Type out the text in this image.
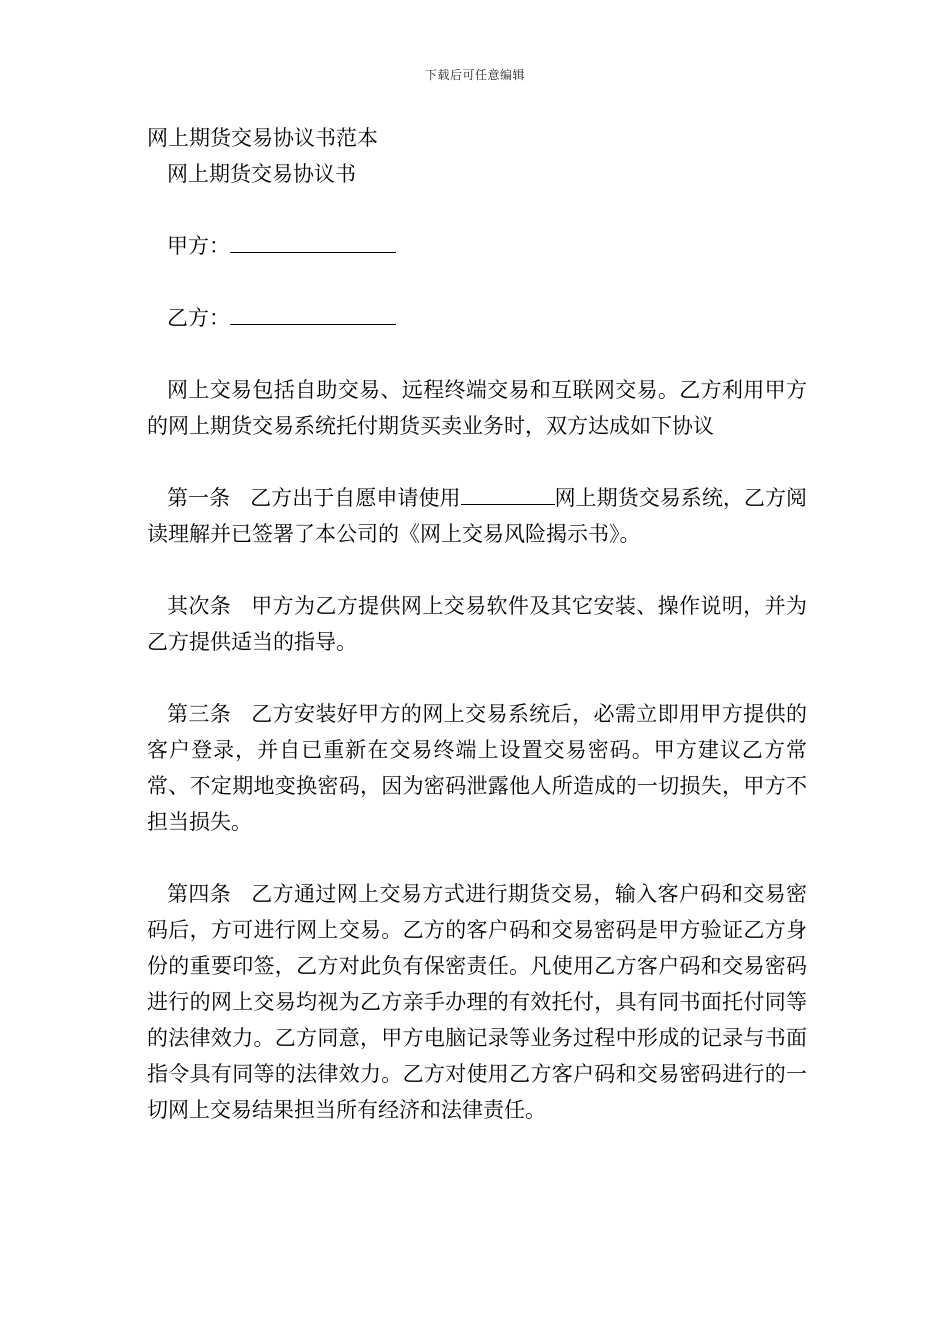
下载后可任意编辑
网上期货交易协议书范本
网上期货交易协议书

甲方：

乙方：

网上交易包括自助交易、远程终端交易和互联网交易。乙方利用甲方的网上期货交易系统托付期货买卖业务时，双方达成如下协议

第一条 乙方出于自愿申请使用	网上期货交易系统，乙方阅读理解并已签署了本公司的《网上交易风险揭示书》。

其次条 甲方为乙方提供网上交易软件及其它安装、操作说明，并为乙方提供适当的指导。

第三条 乙方安装好甲方的网上交易系统后，必需立即用甲方提供的客户登录，并自已重新在交易终端上设置交易密码。甲方建议乙方常常、不定期地变换密码，因为密码泄露他人所造成的一切损失，甲方不担当损失。

第四条 乙方通过网上交易方式进行期货交易，输入客户码和交易密码后，方可进行网上交易。乙方的客户码和交易密码是甲方验证乙方身份的重要印签，乙方对此负有保密责任。凡使用乙方客户码和交易密码进行的网上交易均视为乙方亲手办理的有效托付，具有同书面托付同等的法律效力。乙方同意，甲方电脑记录等业务过程中形成的记录与书面指令具有同等的法律效力。乙方对使用乙方客户码和交易密码进行的一切网上交易结果担当所有经济和法律责任。
